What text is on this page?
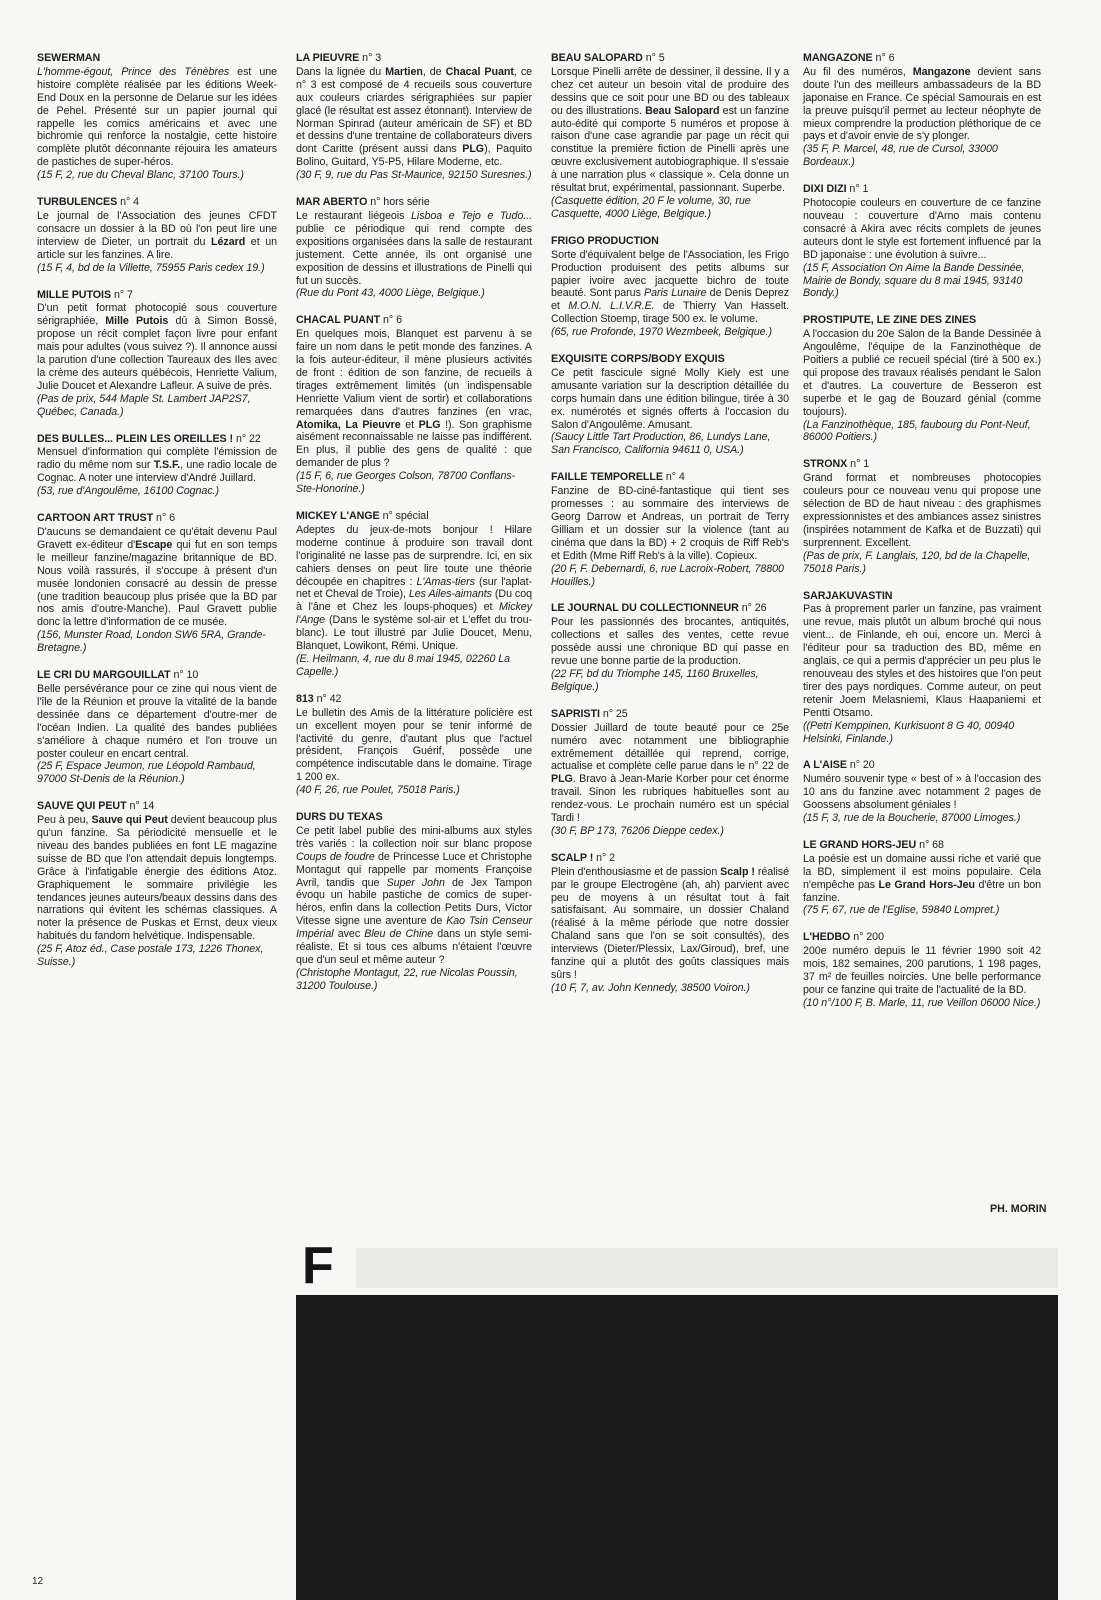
SEWERMAN
L'homme-égout, Prince des Ténèbres est une histoire complète réalisée par les éditions Week-End Doux en la personne de Delarue sur les idées de Pehel. Présenté sur un papier journal qui rappelle les comics américains et avec une bichromie qui renforce la nostalgie, cette histoire complète plutôt déconnante réjouira les amateurs de pastiches de super-héros.
(15 F, 2, rue du Cheval Blanc, 37100 Tours.)
TURBULENCES n° 4
Le journal de l'Association des jeunes CFDT consacre un dossier à la BD où l'on peut lire une interview de Dieter, un portrait du Lézard et un article sur les fanzines. A lire.
(15 F, 4, bd de la Villette, 75955 Paris cedex 19.)
MILLE PUTOIS n° 7
D'un petit format photocopié sous couverture sérigraphiée, Mille Putois dû à Simon Bossé, propose un récit complet façon livre pour enfant mais pour adultes (vous suivez ?). Il annonce aussi la parution d'une collection Taureaux des Iles avec la crème des auteurs québécois, Henriette Valium, Julie Doucet et Alexandre Lafleur. A suive de près.
(Pas de prix, 544 Maple St. Lambert JAP2S7, Québec, Canada.)
DES BULLES... PLEIN LES OREILLES ! n° 22
Mensuel d'information qui complète l'émission de radio du même nom sur T.S.F., une radio locale de Cognac. A noter une interview d'André Juillard.
(53, rue d'Angoulême, 16100 Cognac.)
CARTOON ART TRUST n° 6
D'aucuns se demandaient ce qu'était devenu Paul Gravett ex-éditeur d'Escape qui fut en son temps le meilleur fanzine/magazine britannique de BD. Nous voilà rassurés, il s'occupe à présent d'un musée londonien consacré au dessin de presse (une tradition beaucoup plus prisée que la BD par nos amis d'outre-Manche). Paul Gravett publie donc la lettre d'information de ce musée.
(156, Munster Road, London SW6 5RA, Grande-Bretagne.)
LE CRI DU MARGOUILLAT n° 10
Belle persévérance pour ce zine qui nous vient de l'île de la Réunion et prouve la vitalité de la bande dessinée dans ce département d'outre-mer de l'océan Indien. La qualité des bandes publiées s'améliore à chaque numéro et l'on trouve un poster couleur en encart central.
(25 F, Espace Jeumon, rue Léopold Rambaud, 97000 St-Denis de la Réunion.)
SAUVE QUI PEUT n° 14
Peu à peu, Sauve qui Peut devient beaucoup plus qu'un fanzine. Sa périodicité mensuelle et le niveau des bandes publiées en font LE magazine suisse de BD que l'on attendait depuis longtemps. Grâce à l'infatigable énergie des éditions Atoz. Graphiquement le sommaire privilégie les tendances jeunes auteurs/beaux dessins dans des narrations qui évitent les schémas classiques. A noter la présence de Puskas et Ernst, deux vieux habitués du fandom helvétique. Indispensable.
(25 F, Atoz éd., Case postale 173, 1226 Thonex, Suisse.)
LA PIEUVRE n° 3
Dans la lignée du Martien, de Chacal Puant, ce n° 3 est composé de 4 recueils sous couverture aux couleurs criardes sérigraphiées sur papier glacé (le résultat est assez étonnant). Interview de Norman Spinrad (auteur américain de SF) et BD et dessins d'une trentaine de collaborateurs divers dont Caritte (présent aussi dans PLG), Paquito Bolino, Guitard, Y5-P5, Hilare Moderne, etc.
(30 F, 9, rue du Pas St-Maurice, 92150 Suresnes.)
MAR ABERTO n° hors série
Le restaurant liégeois Lisboa e Tejo e Tudo... publie ce périodique qui rend compte des expositions organisées dans la salle de restaurant justement. Cette année, ils ont organisé une exposition de dessins et illustrations de Pinelli qui fut un succès.
(Rue du Pont 43, 4000 Liège, Belgique.)
CHACAL PUANT n° 6
En quelques mois, Blanquet est parvenu à se faire un nom dans le petit monde des fanzines. A la fois auteur-éditeur, il mène plusieurs activités de front : édition de son fanzine, de recueils à tirages extrêmement limités (un indispensable Henriette Valium vient de sortir) et collaborations remarquées dans d'autres fanzines (en vrac, Atomika, La Pieuvre et PLG !). Son graphisme aisément reconnaissable ne laisse pas indifférent. En plus, il publie des gens de qualité : que demander de plus ?
(15 F, 6, rue Georges Colson, 78700 Conflans-Ste-Honorine.)
MICKEY L'ANGE n° spécial
Adeptes du jeux-de-mots bonjour ! Hilare moderne continue à produire son travail dont l'originalité ne lasse pas de surprendre. Ici, en six cahiers denses on peut lire toute une théorie découpée en chapitres : L'Amas-tiers (sur l'aplat-net et Cheval de Troie), Les Ailes-aimants (Du coq à l'âne et Chez les loups-phoques) et Mickey l'Ange (Dans le système sol-air et L'effet du trou-blanc). Le tout illustré par Julie Doucet, Menu, Blanquet, Lowikont, Rémi. Unique.
(E. Heilmann, 4, rue du 8 mai 1945, 02260 La Capelle.)
813 n° 42
Le bulletin des Amis de la littérature policière est un excellent moyen pour se tenir informé de l'activité du genre, d'autant plus que l'actuel président, François Guérif, possède une compétence indiscutable dans le domaine. Tirage 1 200 ex.
(40 F, 26, rue Poulet, 75018 Paris.)
DURS DU TEXAS
Ce petit label publie des mini-albums aux styles très variés : la collection noir sur blanc propose Coups de foudre de Princesse Luce et Christophe Montagut qui rappelle par moments Françoise Avril, tandis que Super John de Jex Tampon évoqu un habile pastiche de comics de super-héros, enfin dans la collection Petits Durs, Victor Vitesse signe une aventure de Kao Tsin Censeur Impérial avec Bleu de Chine dans un style semi-réaliste. Et si tous ces albums n'étaient l'œuvre que d'un seul et même auteur ?
(Christophe Montagut, 22, rue Nicolas Poussin, 31200 Toulouse.)
BEAU SALOPARD n° 5
Lorsque Pinelli arrête de dessiner, il dessine. Il y a chez cet auteur un besoin vital de produire des dessins que ce soit pour une BD ou des tableaux ou des illustrations. Beau Salopard est un fanzine auto-édité qui comporte 5 numéros et propose à raison d'une case agrandie par page un récit qui constitue la première fiction de Pinelli après une œuvre exclusivement autobiographique. Il s'essaie à une narration plus « classique ». Cela donne un résultat brut, expérimental, passionnant. Superbe.
(Casquette édition, 20 F le volume, 30, rue Casquette, 4000 Liège, Belgique.)
FRIGO PRODUCTION
Sorte d'équivalent belge de l'Association, les Frigo Production produisent des petits albums sur papier ivoire avec jacquette bichro de toute beauté. Sont parus Paris Lunaire de Denis Deprez et M.O.N. L.I.V.R.E. de Thierry Van Hasselt. Collection Stoemp, tirage 500 ex. le volume.
(65, rue Profonde, 1970 Wezmbeek, Belgique.)
EXQUISITE CORPS/BODY EXQUIS
Ce petit fascicule signé Molly Kiely est une amusante variation sur la description détaillée du corps humain dans une édition bilingue, tirée à 30 ex. numérotés et signés offerts à l'occasion du Salon d'Angoulême. Amusant.
(Saucy Little Tart Production, 86, Lundys Lane, San Francisco, California 94611 0, USA.)
FAILLE TEMPORELLE n° 4
Fanzine de BD-ciné-fantastique qui tient ses promesses : au sommaire des interviews de Georg Darrow et Andreas, un portrait de Terry Gilliam et un dossier sur la violence (tant au cinéma que dans la BD) + 2 croquis de Riff Reb's et Edith (Mme Riff Reb's à la ville). Copieux.
(20 F, F. Debernardi, 6, rue Lacroix-Robert, 78800 Houilles.)
LE JOURNAL DU COLLECTIONNEUR n° 26
Pour les passionnés des brocantes, antiquités, collections et salles des ventes, cette revue possède aussi une chronique BD qui passe en revue une bonne partie de la production.
(22 FF, bd du Triomphe 145, 1160 Bruxelles, Belgique.)
SAPRISTI n° 25
Dossier Juillard de toute beauté pour ce 25e numéro avec notamment une bibliographie extrêmement détaillée qui reprend, corrige, actualise et complète celle parue dans le n° 22 de PLG. Bravo à Jean-Marie Korber pour cet énorme travail. Sinon les rubriques habituelles sont au rendez-vous. Le prochain numéro est un spécial Tardi !
(30 F, BP 173, 76206 Dieppe cedex.)
SCALP ! n° 2
Plein d'enthousiasme et de passion Scalp ! réalisé par le groupe Electrogène (ah, ah) parvient avec peu de moyens à un résultat tout à fait satisfaisant. Au sommaire, un dossier Chaland (réalisé à la même période que notre dossier Chaland sans que l'on se soit consultés), des interviews (Dieter/Plessix, Lax/Giroud), bref, une fanzine qui a plutôt des goûts classiques mais sûrs !
(10 F, 7, av. John Kennedy, 38500 Voiron.)
MANGAZONE n° 6
Au fil des numéros, Mangazone devient sans doute l'un des meilleurs ambassadeurs de la BD japonaise en France. Ce spécial Samourais en est la preuve puisqu'il permet au lecteur néophyte de mieux comprendre la production pléthorique de ce pays et d'avoir envie de s'y plonger.
(35 F, P. Marcel, 48, rue de Cursol, 33000 Bordeaux.)
DIXI DIZI n° 1
Photocopie couleurs en couverture de ce fanzine nouveau : couverture d'Arno mais contenu consacré à Akira avec récits complets de jeunes auteurs dont le style est fortement influencé par la BD japonaise : une évolution à suivre...
(15 F, Association On Aime la Bande Dessinée, Mairie de Bondy, square du 8 mai 1945, 93140 Bondy.)
PROSTIPUTE, LE ZINE DES ZINES
A l'occasion du 20e Salon de la Bande Dessinée à Angoulême, l'équipe de la Fanzinothèque de Poitiers a publié ce recueil spécial (tiré à 500 ex.) qui propose des travaux réalisés pendant le Salon et d'autres. La couverture de Besseron est superbe et le gag de Bouzard génial (comme toujours).
(La Fanzinothèque, 185, faubourg du Pont-Neuf, 86000 Poitiers.)
STRONX n° 1
Grand format et nombreuses photocopies couleurs pour ce nouveau venu qui propose une sélection de BD de haut niveau : des graphismes expressionnistes et des ambiances assez sinistres (inspirées notamment de Kafka et de Buzzati) qui surprennent. Excellent.
(Pas de prix, F. Langlais, 120, bd de la Chapelle, 75018 Paris.)
SARJAKUVASTIN
Pas à proprement parler un fanzine, pas vraiment une revue, mais plutôt un album broché qui nous vient... de Finlande, eh oui, encore un. Merci à l'éditeur pour sa traduction des BD, même en anglais, ce qui a permis d'apprécier un peu plus le renouveau des styles et des histoires que l'on peut tirer des pays nordiques. Comme auteur, on peut retenir Joem Melasniemi, Klaus Haapaniemi et Pentti Otsamo.
((Petri Kemppinen, Kurkisuont 8 G 40, 00940 Helsinki, Finlande.)
A L'AISE n° 20
Numéro souvenir type « best of » à l'occasion des 10 ans du fanzine avec notamment 2 pages de Goossens absolument géniales !
(15 F, 3, rue de la Boucherie, 87000 Limoges.)
LE GRAND HORS-JEU n° 68
La poésie est un domaine aussi riche et varié que la BD, simplement il est moins populaire. Cela n'empêche pas Le Grand Hors-Jeu d'être un bon fanzine.
(75 F, 67, rue de l'Eglise, 59840 Lompret.)
L'HEDBO n° 200
200e numéro depuis le 11 février 1990 soit 42 mois, 182 semaines, 200 parutions, 1 198 pages, 37 m² de feuilles noircies. Une belle performance pour ce fanzine qui traite de l'actualité de la BD.
(10 n°/100 F, B. Marle, 11, rue Veillon 06000 Nice.)
PH. MORIN
F
12
